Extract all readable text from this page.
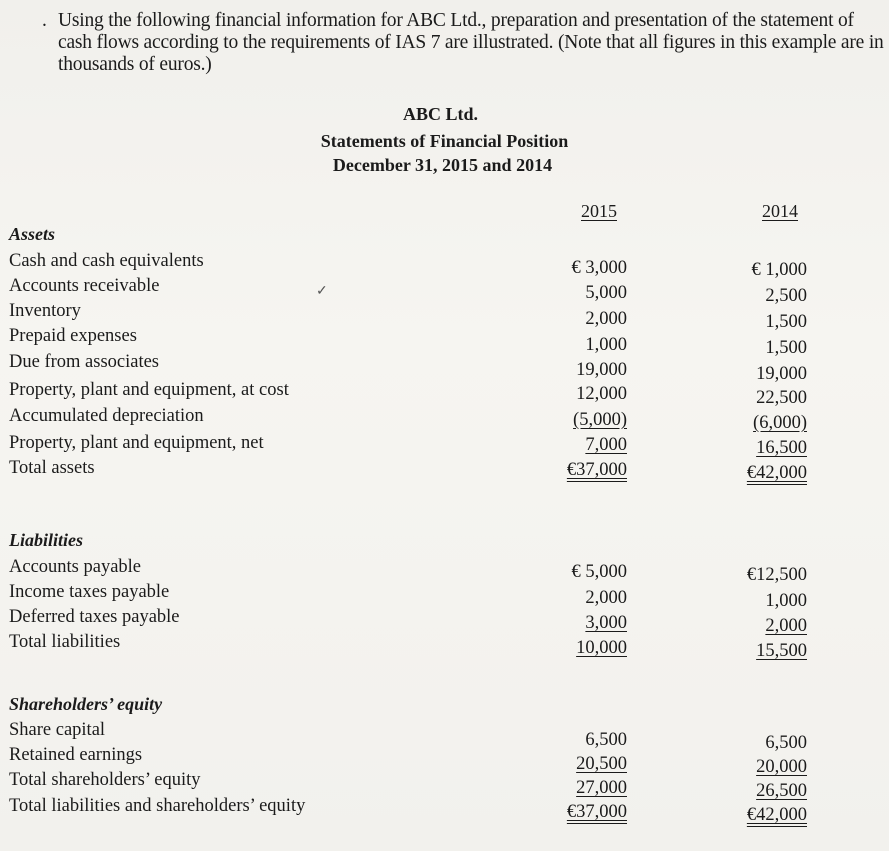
. Using the following financial information for ABC Ltd., preparation and presentation of the statement of cash flows according to the requirements of IAS 7 are illustrated. (Note that all figures in this example are in thousands of euros.)
ABC Ltd.
Statements of Financial Position
December 31, 2015 and 2014
2015	2014
✓
Assets
Cash and cash equivalents	€ 3,000	€ 1,000
Accounts receivable	5,000	2,500
Inventory	2,000	1,500
Prepaid expenses	1,000	1,500
Due from associates	19,000	19,000
Property, plant and equipment, at cost	12,000	22,500
Accumulated depreciation	(5,000)	(6,000)
Property, plant and equipment, net	7,000	16,500
Total assets	€37,000	€42,000
Liabilities
Accounts payable	€ 5,000	€12,500
Income taxes payable	2,000	1,000
Deferred taxes payable	3,000	2,000
Total liabilities	10,000	15,500
Shareholders’ equity
Share capital	6,500	6,500
Retained earnings	20,500	20,000
Total shareholders’ equity	27,000	26,500
Total liabilities and shareholders’ equity	€37,000	€42,000
